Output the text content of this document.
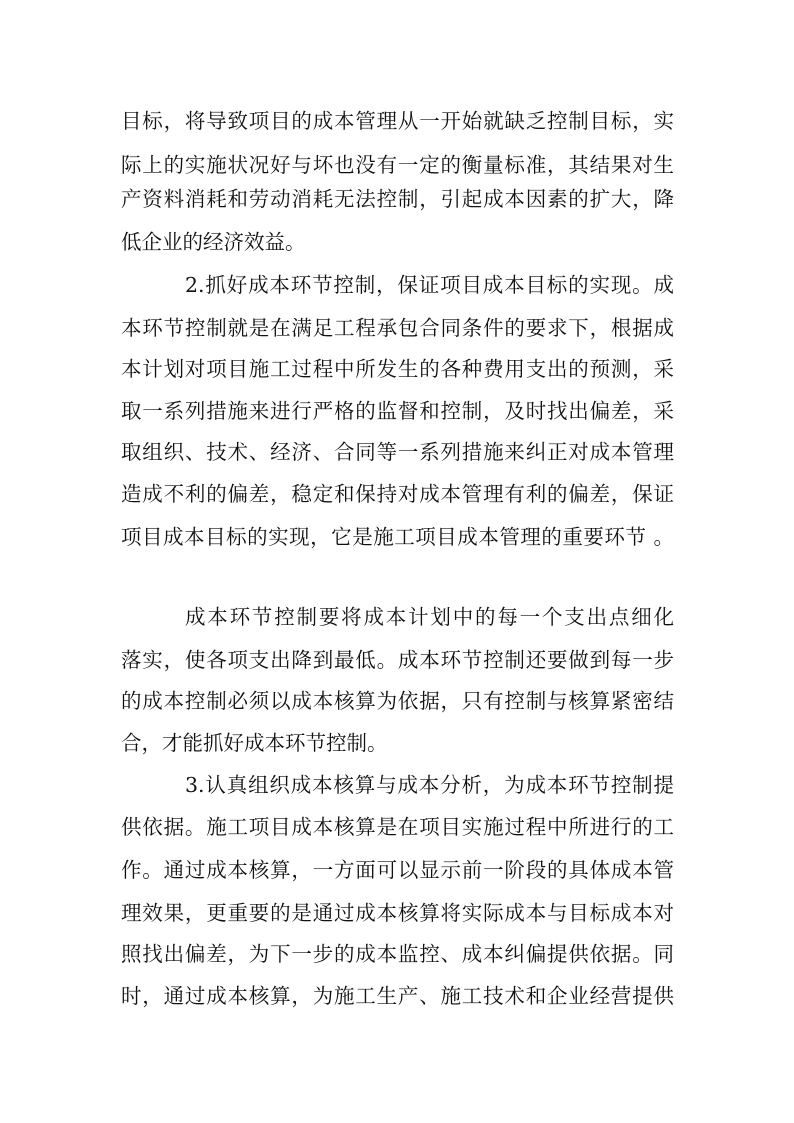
目标，将导致项目的成本管理从一开始就缺乏控制目标，实
际上的实施状况好与坏也没有一定的衡量标准，其结果对生
产资料消耗和劳动消耗无法控制，引起成本因素的扩大，降
低企业的经济效益。
2.抓好成本环节控制，保证项目成本目标的实现。成
本环节控制就是在满足工程承包合同条件的要求下，根据成
本计划对项目施工过程中所发生的各种费用支出的预测，采
取一系列措施来进行严格的监督和控制，及时找出偏差，采
取组织、技术、经济、合同等一系列措施来纠正对成本管理
造成不利的偏差，稳定和保持对成本管理有利的偏差，保证
项目成本目标的实现，它是施工项目成本管理的重要环节 。
成本环节控制要将成本计划中的每一个支出点细化
落实，使各项支出降到最低。成本环节控制还要做到每一步
的成本控制必须以成本核算为依据，只有控制与核算紧密结
合，才能抓好成本环节控制。
3.认真组织成本核算与成本分析，为成本环节控制提
供依据。施工项目成本核算是在项目实施过程中所进行的工
作。通过成本核算，一方面可以显示前一阶段的具体成本管
理效果，更重要的是通过成本核算将实际成本与目标成本对
照找出偏差，为下一步的成本监控、成本纠偏提供依据。同
时，通过成本核算，为施工生产、施工技术和企业经营提供
